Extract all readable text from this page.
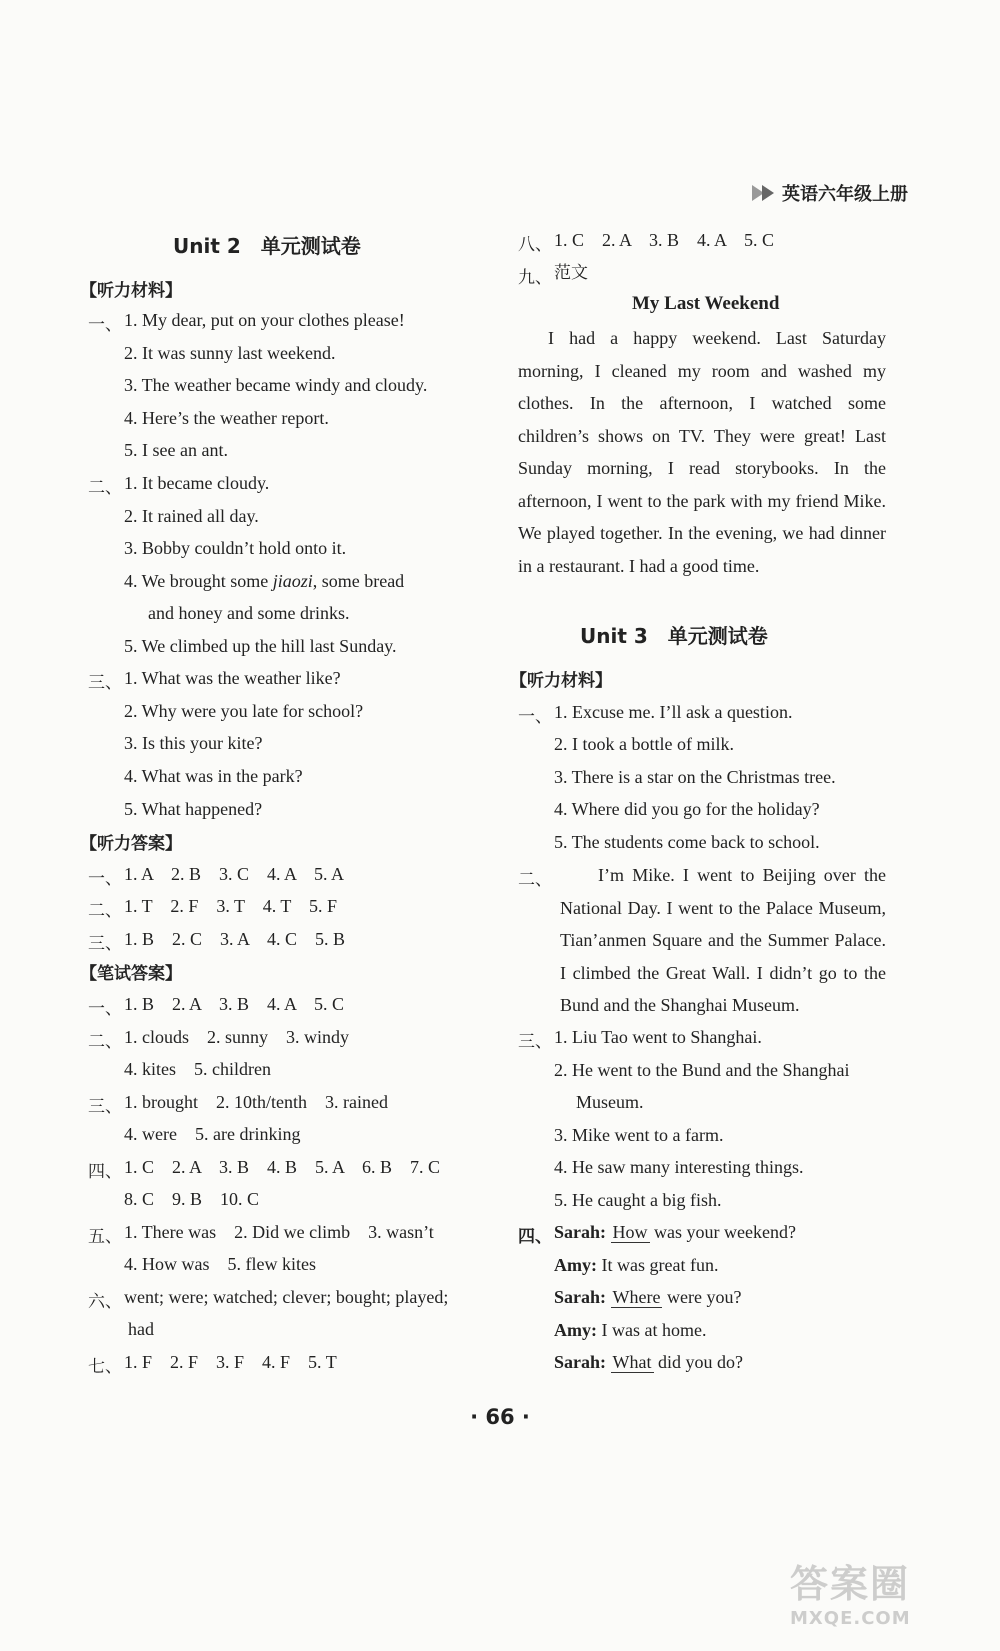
英语六年级上册
Unit 2　单元测试卷
【听力材料】
一、 1. My dear, put on your clothes please!
2. It was sunny last weekend.
3. The weather became windy and cloudy.
4. Here’s the weather report.
5. I see an ant.
二、 1. It became cloudy.
2. It rained all day.
3. Bobby couldn’t hold onto it.
4. We brought some jiaozi, some bread
and honey and some drinks.
5. We climbed up the hill last Sunday.
三、 1. What was the weather like?
2. Why were you late for school?
3. Is this your kite?
4. What was in the park?
5. What happened?
【听力答案】
一、 1. A　2. B　3. C　4. A　5. A
二、 1. T　2. F　3. T　4. T　5. F
三、 1. B　2. C　3. A　4. C　5. B
【笔试答案】
一、 1. B　2. A　3. B　4. A　5. C
二、 1. clouds　2. sunny　3. windy
4. kites　5. children
三、 1. brought　2. 10th/tenth　3. rained
4. were　5. are drinking
四、 1. C　2. A　3. B　4. B　5. A　6. B　7. C
8. C　9. B　10. C
五、 1. There was　2. Did we climb　3. wasn’t
4. How was　5. flew kites
六、 went; were; watched; clever; bought; played;
had
七、 1. F　2. F　3. F　4. F　5. T
八、 1. C　2. A　3. B　4. A　5. C
九、 范文
My Last Weekend
I had a happy weekend. Last Saturday morning, I cleaned my room and washed my clothes. In the afternoon, I watched some children’s shows on TV. They were great! Last Sunday morning, I read storybooks. In the afternoon, I went to the park with my friend Mike. We played together. In the evening, we had dinner in a restaurant. I had a good time.
Unit 3　单元测试卷
【听力材料】
一、 1. Excuse me. I’ll ask a question.
2. I took a bottle of milk.
3. There is a star on the Christmas tree.
4. Where did you go for the holiday?
5. The students come back to school.
二、	I’m Mike. I went to Beijing over the National Day. I went to the Palace Museum, Tian’anmen Square and the Summer Palace. I climbed the Great Wall. I didn’t go to the Bund and the Shanghai Museum.
三、 1. Liu Tao went to Shanghai.
2. He went to the Bund and the Shanghai
Museum.
3. Mike went to a farm.
4. He saw many interesting things.
5. He caught a big fish.
四、 Sarah: How was your weekend?
Amy: It was great fun.
Sarah: Where were you?
Amy: I was at home.
Sarah: What did you do?
· 66 ·
答案圈
MXQE.COM
